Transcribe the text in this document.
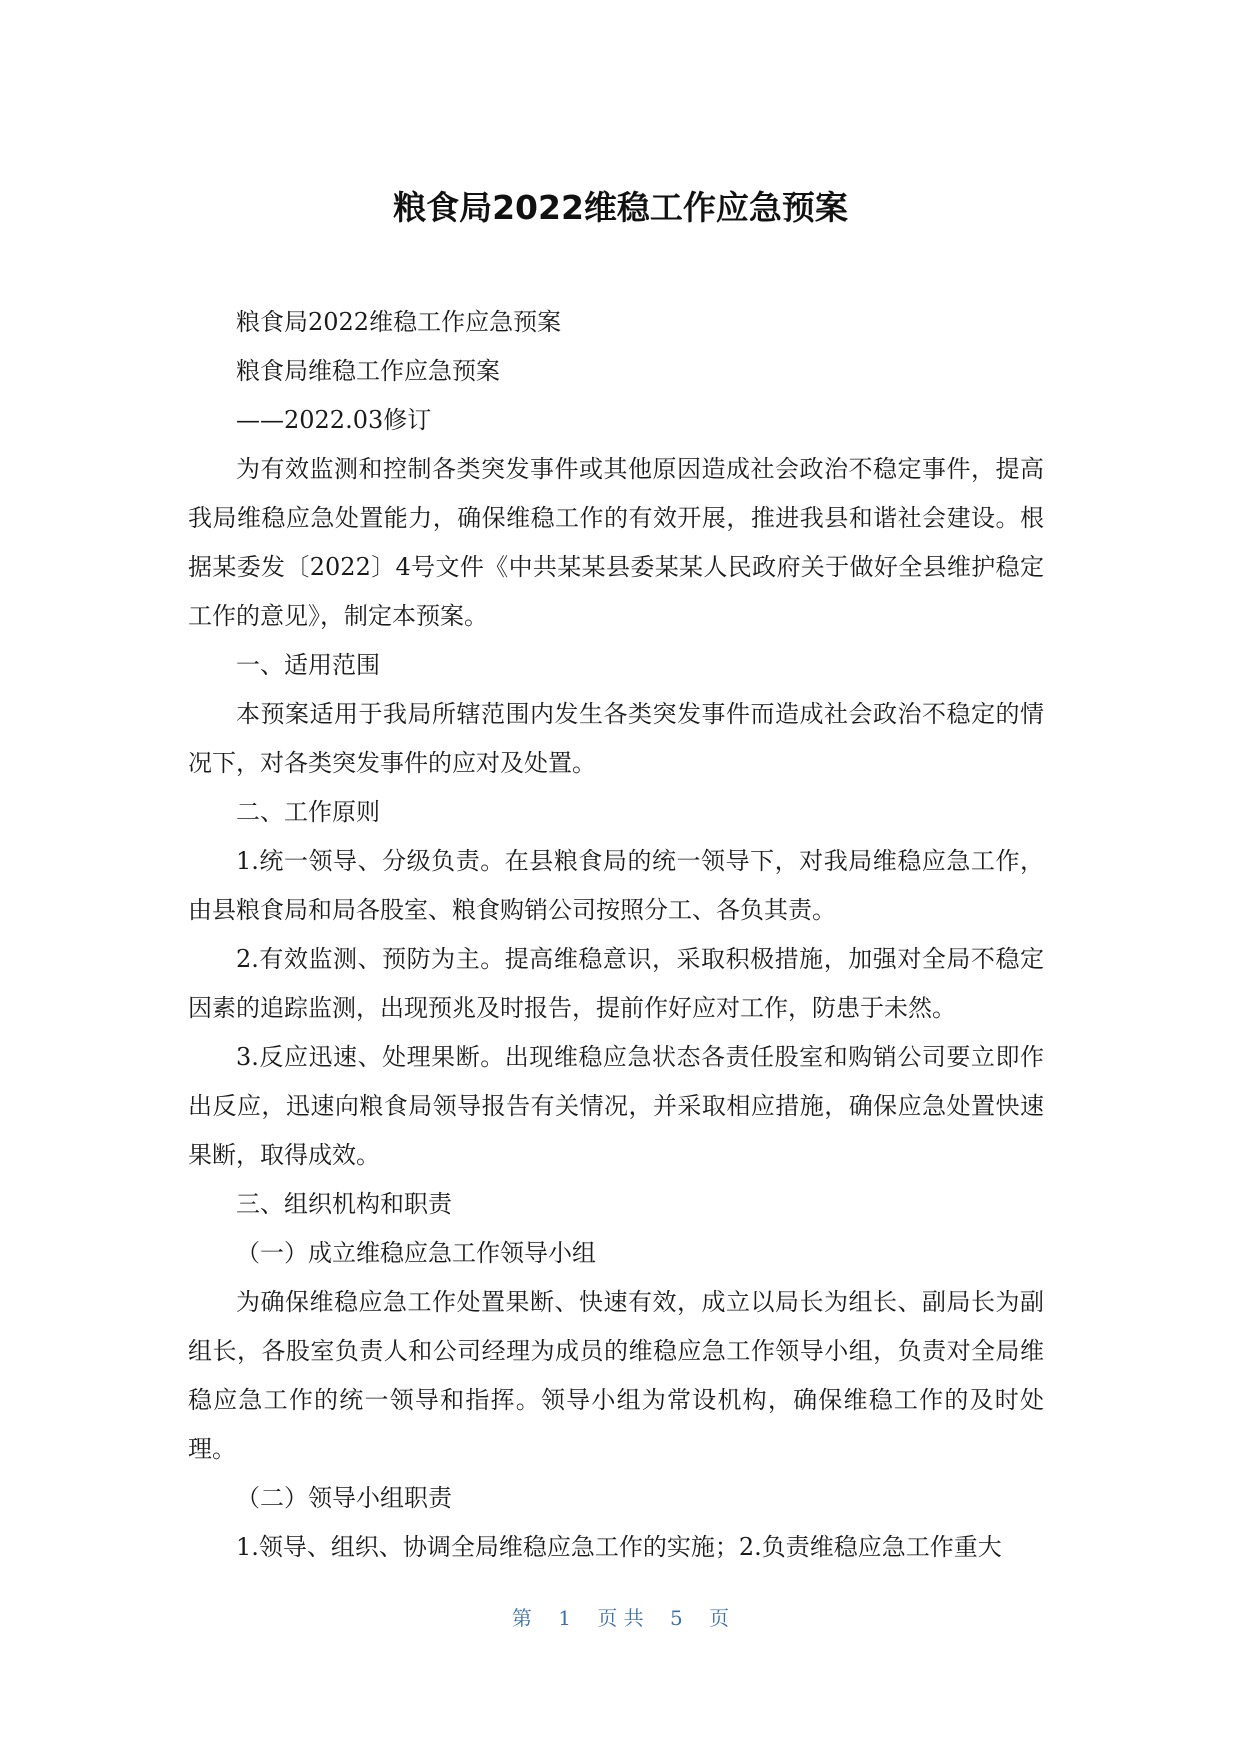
粮食局2022维稳工作应急预案

粮食局2022维稳工作应急预案

粮食局维稳工作应急预案

——2022.03修订

为有效监测和控制各类突发事件或其他原因造成社会政治不稳定事件，提高我局维稳应急处置能力，确保维稳工作的有效开展，推进我县和谐社会建设。根据某委发〔2022〕4号文件《中共某某县委某某人民政府关于做好全县维护稳定工作的意见》，制定本预案。

一、适用范围

本预案适用于我局所辖范围内发生各类突发事件而造成社会政治不稳定的情况下，对各类突发事件的应对及处置。

二、工作原则

1.统一领导、分级负责。在县粮食局的统一领导下，对我局维稳应急工作，由县粮食局和局各股室、粮食购销公司按照分工、各负其责。

2.有效监测、预防为主。提高维稳意识，采取积极措施，加强对全局不稳定因素的追踪监测，出现预兆及时报告，提前作好应对工作，防患于未然。

3.反应迅速、处理果断。出现维稳应急状态各责任股室和购销公司要立即作出反应，迅速向粮食局领导报告有关情况，并采取相应措施，确保应急处置快速果断，取得成效。

三、组织机构和职责

（一）成立维稳应急工作领导小组

为确保维稳应急工作处置果断、快速有效，成立以局长为组长、副局长为副组长，各股室负责人和公司经理为成员的维稳应急工作领导小组，负责对全局维稳应急工作的统一领导和指挥。领导小组为常设机构，确保维稳工作的及时处理。

（二）领导小组职责

1.领导、组织、协调全局维稳应急工作的实施；2.负责维稳应急工作重大

第 1 页 共 5 页
